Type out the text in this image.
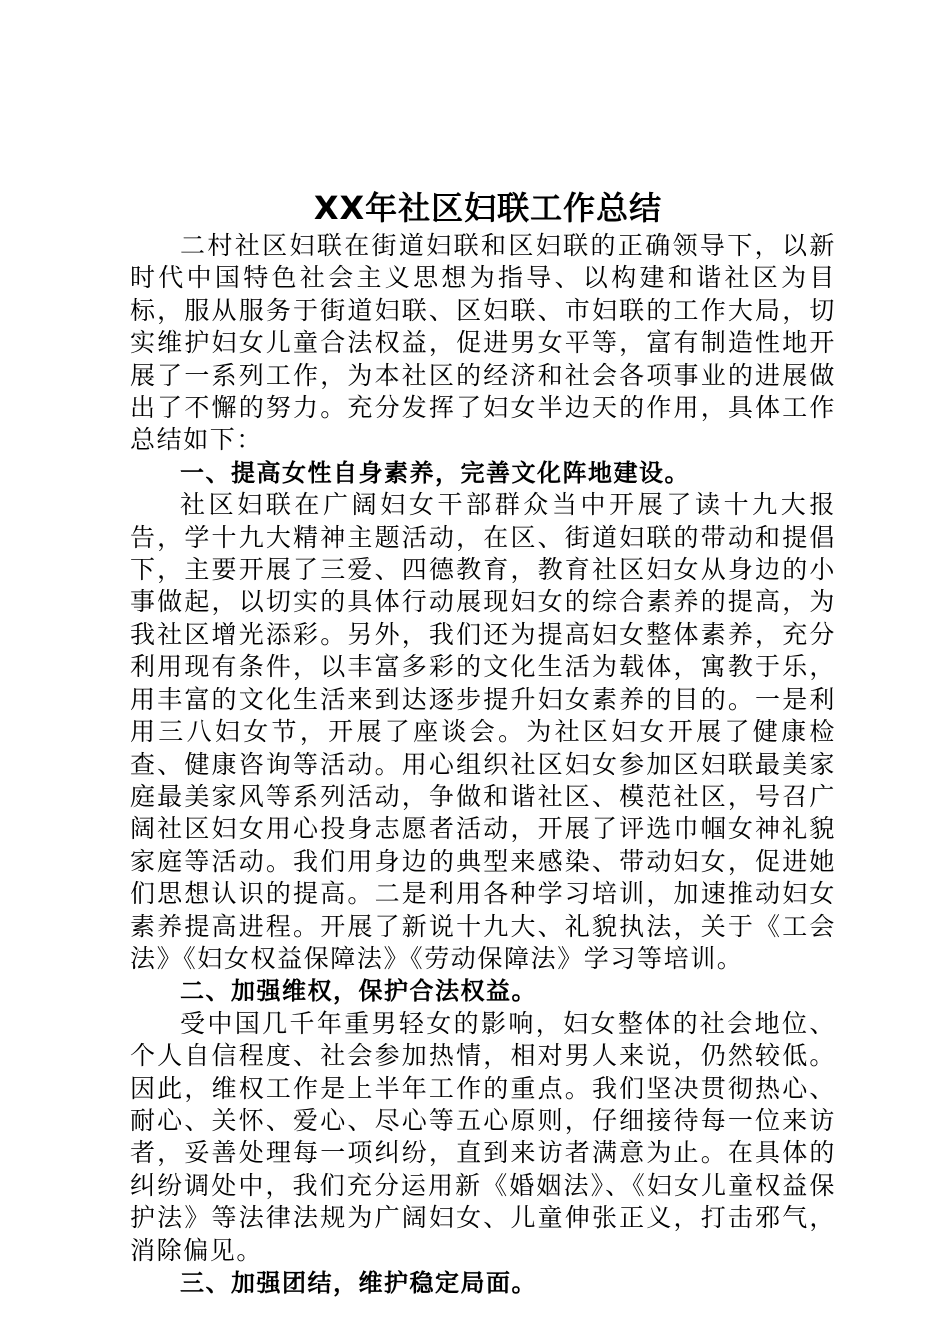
XX年社区妇联工作总结

二村社区妇联在街道妇联和区妇联的正确领导下，以新时代中国特色社会主义思想为指导、以构建和谐社区为目标，服从服务于街道妇联、区妇联、市妇联的工作大局，切实维护妇女儿童合法权益，促进男女平等，富有制造性地开展了一系列工作，为本社区的经济和社会各项事业的进展做出了不懈的努力。充分发挥了妇女半边天的作用，具体工作总结如下：

一、提高女性自身素养，完善文化阵地建设。

社区妇联在广阔妇女干部群众当中开展了读十九大报告，学十九大精神主题活动，在区、街道妇联的带动和提倡下，主要开展了三爱、四德教育，教育社区妇女从身边的小事做起，以切实的具体行动展现妇女的综合素养的提高，为我社区增光添彩。另外，我们还为提高妇女整体素养，充分利用现有条件，以丰富多彩的文化生活为载体，寓教于乐，用丰富的文化生活来到达逐步提升妇女素养的目的。一是利用三八妇女节，开展了座谈会。为社区妇女开展了健康检查、健康咨询等活动。用心组织社区妇女参加区妇联最美家庭最美家风等系列活动，争做和谐社区、模范社区，号召广阔社区妇女用心投身志愿者活动，开展了评选巾帼女神礼貌家庭等活动。我们用身边的典型来感染、带动妇女，促进她们思想认识的提高。二是利用各种学习培训，加速推动妇女素养提高进程。开展了新说十九大、礼貌执法，关于《工会法》《妇女权益保障法》《劳动保障法》学习等培训。

二、加强维权，保护合法权益。

受中国几千年重男轻女的影响，妇女整体的社会地位、个人自信程度、社会参加热情，相对男人来说，仍然较低。因此，维权工作是上半年工作的重点。我们坚决贯彻热心、耐心、关怀、爱心、尽心等五心原则，仔细接待每一位来访者，妥善处理每一项纠纷，直到来访者满意为止。在具体的纠纷调处中，我们充分运用新《婚姻法》、《妇女儿童权益保护法》等法律法规为广阔妇女、儿童伸张正义，打击邪气，消除偏见。

三、加强团结，维护稳定局面。
